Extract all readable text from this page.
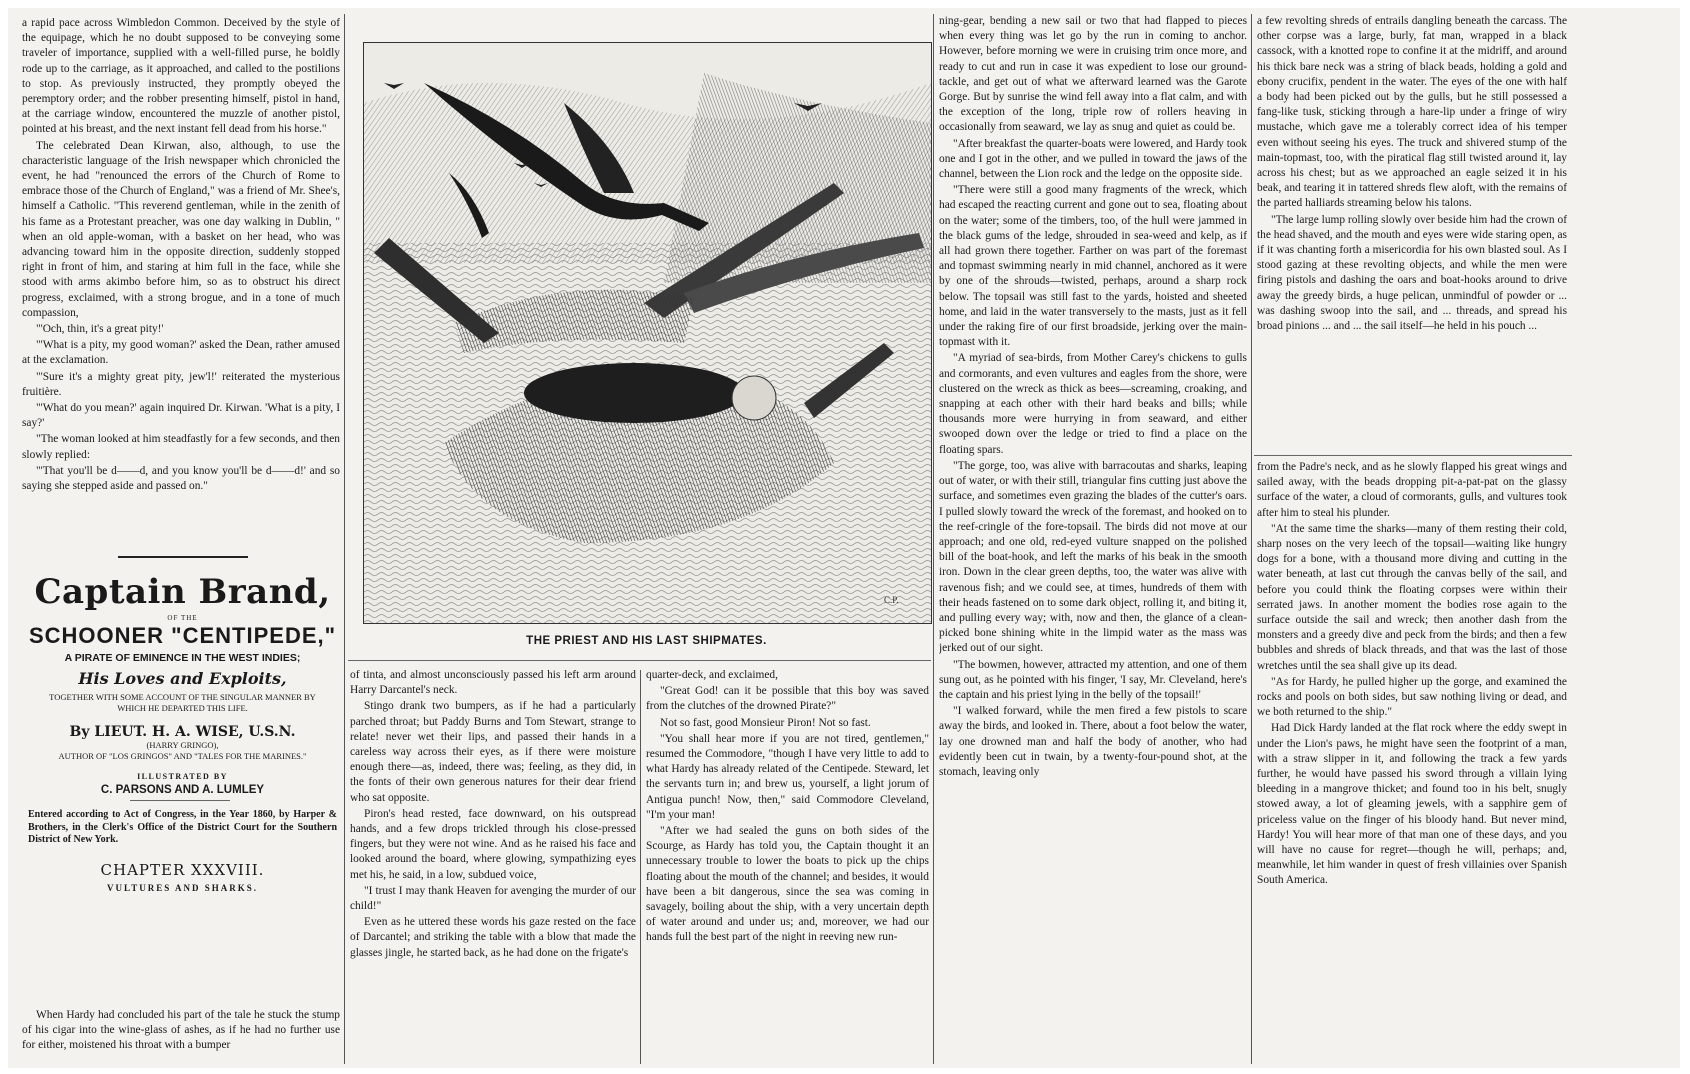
a rapid pace across Wimbledon Common. Deceived by the style of the equipage, which he no doubt supposed to be conveying some traveler of importance, supplied with a well-filled purse, he boldly rode up to the carriage, as it approached, and called to the postilions to stop. As previously instructed, they promptly obeyed the peremptory order; and the robber presenting himself, pistol in hand, at the carriage window, encountered the muzzle of another pistol, pointed at his breast, and the next instant fell dead from his horse."

The celebrated Dean Kirwan, also, although, to use the characteristic language of the Irish newspaper which chronicled the event, he had "renounced the errors of the Church of Rome to embrace those of the Church of England," was a friend of Mr. Shee's, himself a Catholic. "This reverend gentleman, while in the zenith of his fame as a Protestant preacher, was one day walking in Dublin, " when an old apple-woman, with a basket on her head, who was advancing toward him in the opposite direction, suddenly stopped right in front of him, and staring at him full in the face, while she stood with arms akimbo before him, so as to obstruct his direct progress, exclaimed, with a strong brogue, and in a tone of much compassion,

"'Och, thin, it's a great pity!'

"'What is a pity, my good woman?' asked the Dean, rather amused at the exclamation.

"'Sure it's a mighty great pity, jew'l!' reiterated the mysterious fruitière.

"'What do you mean?' again inquired Dr. Kirwan. 'What is a pity, I say?'

"The woman looked at him steadfastly for a few seconds, and then slowly replied:

"'That you'll be d——d, and you know you'll be d——d!' and so saying she stepped aside and passed on."

Captain Brand,
OF THE
SCHOONER "CENTIPEDE,"
A PIRATE OF EMINENCE IN THE WEST INDIES;
His Loves and Exploits,
TOGETHER WITH SOME ACCOUNT OF THE SINGULAR MANNER BY WHICH HE DEPARTED THIS LIFE.
By LIEUT. H. A. WISE, U.S.N.
(HARRY GRINGO),
AUTHOR OF "LOS GRINGOS" AND "TALES FOR THE MARINES."
ILLUSTRATED BY
C. PARSONS AND A. LUMLEY
Entered according to Act of Congress, in the Year 1860, by Harper & Brothers, in the Clerk's Office of the District Court for the Southern District of New York.
CHAPTER XXXVIII.
VULTURES AND SHARKS.

When Hardy had concluded his part of the tale he stuck the stump of his cigar into the wine-glass of ashes, as if he had no further use for either, moistened his throat with a bumper

C.P.
THE PRIEST AND HIS LAST SHIPMATES.

of tinta, and almost unconsciously passed his left arm around Harry Darcantel's neck.

Stingo drank two bumpers, as if he had a particularly parched throat; but Paddy Burns and Tom Stewart, strange to relate! never wet their lips, and passed their hands in a careless way across their eyes, as if there were moisture enough there—as, indeed, there was; feeling, as they did, in the fonts of their own generous natures for their dear friend who sat opposite.

Piron's head rested, face downward, on his outspread hands, and a few drops trickled through his close-pressed fingers, but they were not wine. And as he raised his face and looked around the board, where glowing, sympathizing eyes met his, he said, in a low, subdued voice,

"I trust I may thank Heaven for avenging the murder of our child!"

Even as he uttered these words his gaze rested on the face of Darcantel; and striking the table with a blow that made the glasses jingle, he started back, as he had done on the frigate's

quarter-deck, and exclaimed,

"Great God! can it be possible that this boy was saved from the clutches of the drowned Pirate?"

Not so fast, good Monsieur Piron! Not so fast.

"You shall hear more if you are not tired, gentlemen," resumed the Commodore, "though I have very little to add to what Hardy has already related of the Centipede. Steward, let the servants turn in; and brew us, yourself, a light jorum of Antigua punch! Now, then," said Commodore Cleveland, "I'm your man!

"After we had sealed the guns on both sides of the Scourge, as Hardy has told you, the Captain thought it an unnecessary trouble to lower the boats to pick up the chips floating about the mouth of the channel; and besides, it would have been a bit dangerous, since the sea was coming in savagely, boiling about the ship, with a very uncertain depth of water around and under us; and, moreover, we had our hands full the best part of the night in reeving new run-

ning-gear, bending a new sail or two that had flapped to pieces when every thing was let go by the run in coming to anchor. However, before morning we were in cruising trim once more, and ready to cut and run in case it was expedient to lose our ground-tackle, and get out of what we afterward learned was the Garote Gorge. But by sunrise the wind fell away into a flat calm, and with the exception of the long, triple row of rollers heaving in occasionally from seaward, we lay as snug and quiet as could be.

"After breakfast the quarter-boats were lowered, and Hardy took one and I got in the other, and we pulled in toward the jaws of the channel, between the Lion rock and the ledge on the opposite side.

"There were still a good many fragments of the wreck, which had escaped the reacting current and gone out to sea, floating about on the water; some of the timbers, too, of the hull were jammed in the black gums of the ledge, shrouded in sea-weed and kelp, as if all had grown there together. Farther on was part of the foremast and topmast swimming nearly in mid channel, anchored as it were by one of the shrouds—twisted, perhaps, around a sharp rock below. The topsail was still fast to the yards, hoisted and sheeted home, and laid in the water transversely to the masts, just as it fell under the raking fire of our first broadside, jerking over the main-topmast with it.

"A myriad of sea-birds, from Mother Carey's chickens to gulls and cormorants, and even vultures and eagles from the shore, were clustered on the wreck as thick as bees—screaming, croaking, and snapping at each other with their hard beaks and bills; while thousands more were hurrying in from seaward, and either swooped down over the ledge or tried to find a place on the floating spars.

"The gorge, too, was alive with barracoutas and sharks, leaping out of water, or with their still, triangular fins cutting just above the surface, and sometimes even grazing the blades of the cutter's oars. I pulled slowly toward the wreck of the foremast, and hooked on to the reef-cringle of the fore-topsail. The birds did not move at our approach; and one old, red-eyed vulture snapped on the polished bill of the boat-hook, and left the marks of his beak in the smooth iron. Down in the clear green depths, too, the water was alive with ravenous fish; and we could see, at times, hundreds of them with their heads fastened on to some dark object, rolling it, and biting it, and pulling every way; with, now and then, the glance of a clean-picked bone shining white in the limpid water as the mass was jerked out of our sight.

"The bowmen, however, attracted my attention, and one of them sung out, as he pointed with his finger, 'I say, Mr. Cleveland, here's the captain and his priest lying in the belly of the topsail!'

"I walked forward, while the men fired a few pistols to scare away the birds, and looked in. There, about a foot below the water, lay one drowned man and half the body of another, who had evidently been cut in twain, by a twenty-four-pound shot, at the stomach, leaving only

a few revolting shreds of entrails dangling beneath the carcass. The other corpse was a large, burly, fat man, wrapped in a black cassock, with a knotted rope to confine it at the midriff, and around his thick bare neck was a string of black beads, holding a gold and ebony crucifix, pendent in the water. The eyes of the one with half a body had been picked out by the gulls, but he still possessed a fang-like tusk, sticking through a hare-lip under a fringe of wiry mustache, which gave me a tolerably correct idea of his temper even without seeing his eyes. The truck and shivered stump of the main-topmast, too, with the piratical flag still twisted around it, lay across his chest; but as we approached an eagle seized it in his beak, and tearing it in tattered shreds flew aloft, with the remains of the parted halliards streaming below his talons.

"The large lump rolling slowly over beside him had the crown of the head shaved, and the mouth and eyes were wide staring open, as if it was chanting forth a misericordia for his own blasted soul. As I stood gazing at these revolting objects, and while the men were firing pistols and dashing the oars and boat-hooks around to drive away the greedy birds, a huge pelican, unmindful of powder or ... was dashing swoop into the sail, and ... threads, and spread his broad pinions ... and ... the sail itself—he held in his pouch ...

from the Padre's neck, and as he slowly flapped his great wings and sailed away, with the beads dropping pit-a-pat-pat on the glassy surface of the water, a cloud of cormorants, gulls, and vultures took after him to steal his plunder.

"At the same time the sharks—many of them resting their cold, sharp noses on the very leech of the topsail—waiting like hungry dogs for a bone, with a thousand more diving and cutting in the water beneath, at last cut through the canvas belly of the sail, and before you could think the floating corpses were within their serrated jaws. In another moment the bodies rose again to the surface outside the sail and wreck; then another dash from the monsters and a greedy dive and peck from the birds; and then a few bubbles and shreds of black threads, and that was the last of those wretches until the sea shall give up its dead.

"As for Hardy, he pulled higher up the gorge, and examined the rocks and pools on both sides, but saw nothing living or dead, and we both returned to the ship."

Had Dick Hardy landed at the flat rock where the eddy swept in under the Lion's paws, he might have seen the footprint of a man, with a straw slipper in it, and following the track a few yards further, he would have passed his sword through a villain lying bleeding in a mangrove thicket; and found too in his belt, snugly stowed away, a lot of gleaming jewels, with a sapphire gem of priceless value on the finger of his bloody hand. But never mind, Hardy! You will hear more of that man one of these days, and you will have no cause for regret—though he will, perhaps; and, meanwhile, let him wander in quest of fresh villainies over Spanish South America.
